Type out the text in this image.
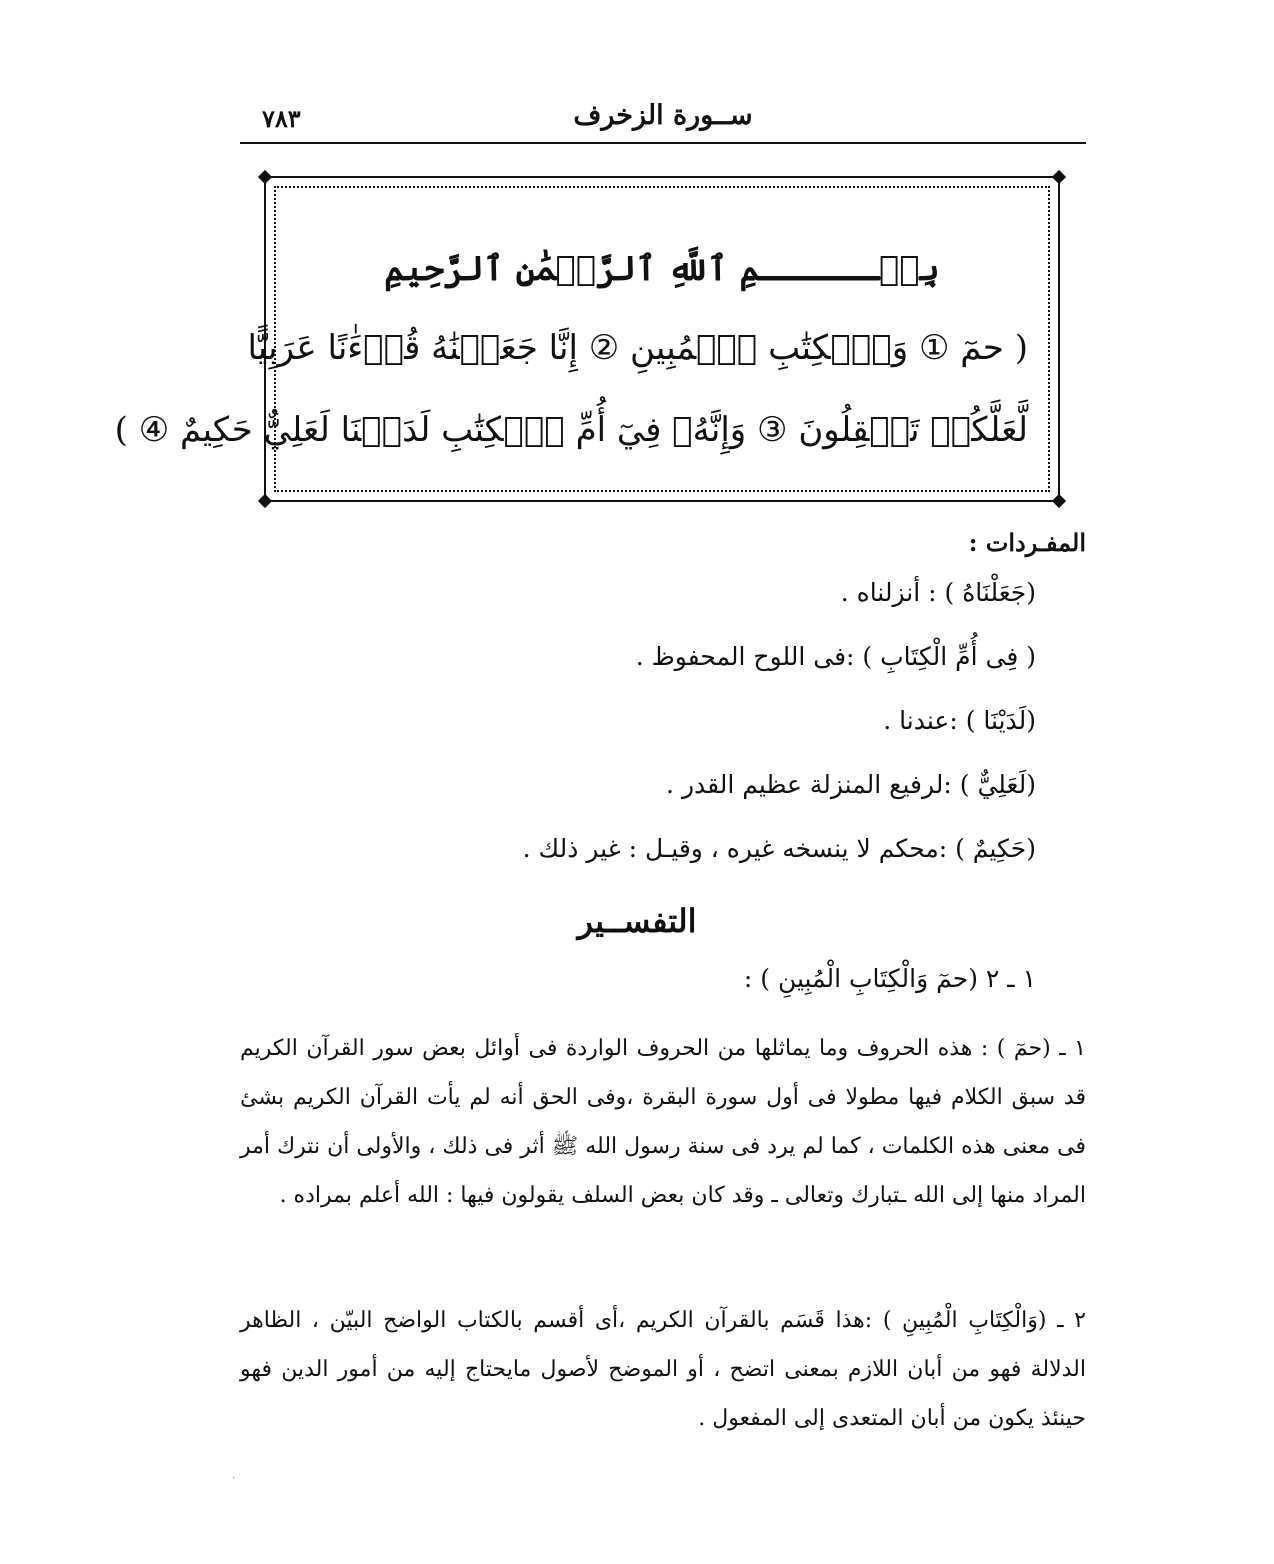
ســورة الزخرف
٧٨٣
بِسۡــــــمِ ٱللَّهِ ٱلرَّحۡمَٰنِ ٱلرَّحِيمِ
( حمٓ ① وَٱلۡكِتَٰبِ ٱلۡمُبِينِ ② إِنَّا جَعَلۡنَٰهُ قُرۡءَٰنًا عَرَبِيًّا
لَّعَلَّكُمۡ تَعۡقِلُونَ ③ وَإِنَّهُۥ فِيٓ أُمِّ ٱلۡكِتَٰبِ لَدَيۡنَا لَعَلِيٌّ حَكِيمٌ ④ )
المفـردات :
(جَعَلْنَاهُ ) : أنزلناه .
( فِى أُمِّ الْكِتَابِ ) :فى اللوح المحفوظ .
(لَدَيْنَا ) :عندنا .
(لَعَلِيٌّ ) :لرفيع المنزلة عظيم القدر .
(حَكِيمٌ ) :محكم لا ينسخه غيره ، وقيـل : غير ذلك .
التفســير
١ ـ ٢ (حمٓ وَالْكِتَابِ الْمُبِينِ ) :

١ ـ (حمٓ ) : هذه الحروف وما يماثلها من الحروف الواردة فى أوائل بعض سور القرآن الكريم قد سبق الكلام فيها مطولا فى أول سورة البقرة ،وفى الحق أنه لم يأت القرآن الكريم بشئ فى معنى هذه الكلمات ، كما لم يرد فى سنة رسول الله ﷺ أثر فى ذلك ، والأولى أن نترك أمر المراد منها إلى الله ـتبارك وتعالى ـ وقد كان بعض السلف يقولون فيها : الله أعلم بمراده .

٢ ـ (وَالْكِتَابِ الْمُبِينِ ) :هذا قَسَم بالقرآن الكريم ،أى أقسم بالكتاب الواضح البيّن ، الظاهر الدلالة فهو من أبان اللازم بمعنى اتضح ، أو الموضح لأصول مايحتاج إليه من أمور الدين فهو حينئذ يكون من أبان المتعدى إلى المفعول .

·
